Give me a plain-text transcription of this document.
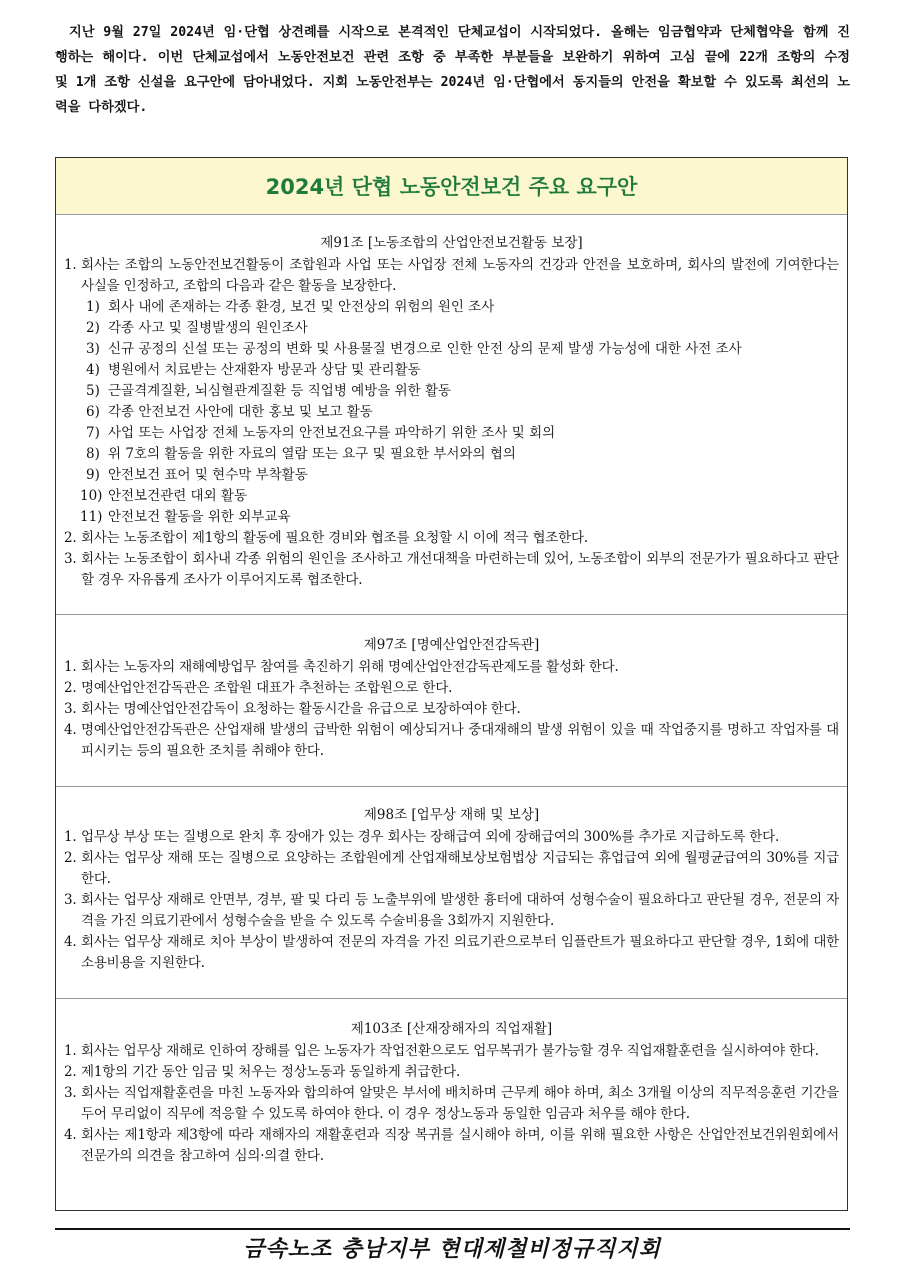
지난 9월 27일 2024년 임·단협 상견례를 시작으로 본격적인 단체교섭이 시작되었다. 올해는 임금협약과 단체협약을 함께 진행하는 해이다. 이번 단체교섭에서 노동안전보건 관련 조항 중 부족한 부분들을 보완하기 위하여 고심 끝에 22개 조항의 수정 및 1개 조항 신설을 요구안에 담아내었다. 지회 노동안전부는 2024년 임·단협에서 동지들의 안전을 확보할 수 있도록 최선의 노력을 다하겠다.

2024년 단협 노동안전보건 주요 요구안

제91조 [노동조합의 산업안전보건활동 보장]

1. 회사는 조합의 노동안전보건활동이 조합원과 사업 또는 사업장 전체 노동자의 건강과 안전을 보호하며, 회사의 발전에 기여한다는 사실을 인정하고, 조합의 다음과 같은 활동을 보장한다.

1) 회사 내에 존재하는 각종 환경, 보건 및 안전상의 위험의 원인 조사

2) 각종 사고 및 질병발생의 원인조사

3) 신규 공정의 신설 또는 공정의 변화 및 사용물질 변경으로 인한 안전 상의 문제 발생 가능성에 대한 사전 조사

4) 병원에서 치료받는 산재환자 방문과 상담 및 관리활동

5) 근골격계질환, 뇌심혈관계질환 등 직업병 예방을 위한 활동

6) 각종 안전보건 사안에 대한 홍보 및 보고 활동

7) 사업 또는 사업장 전체 노동자의 안전보건요구를 파악하기 위한 조사 및 회의

8) 위 7호의 활동을 위한 자료의 열람 또는 요구 및 필요한 부서와의 협의

9) 안전보건 표어 및 현수막 부착활동

10) 안전보건관련 대외 활동

11) 안전보건 활동을 위한 외부교육

2. 회사는 노동조합이 제1항의 활동에 필요한 경비와 협조를 요청할 시 이에 적극 협조한다.

3. 회사는 노동조합이 회사내 각종 위험의 원인을 조사하고 개선대책을 마련하는데 있어, 노동조합이 외부의 전문가가 필요하다고 판단할 경우 자유롭게 조사가 이루어지도록 협조한다.

제97조 [명예산업안전감독관]

1. 회사는 노동자의 재해예방업무 참여를 촉진하기 위해 명예산업안전감독관제도를 활성화 한다.

2. 명예산업안전감독관은 조합원 대표가 추천하는 조합원으로 한다.

3. 회사는 명예산업안전감독이 요청하는 활동시간을 유급으로 보장하여야 한다.

4. 명예산업안전감독관은 산업재해 발생의 급박한 위험이 예상되거나 중대재해의 발생 위험이 있을 때 작업중지를 명하고 작업자를 대피시키는 등의 필요한 조치를 취해야 한다.

제98조 [업무상 재해 및 보상]

1. 업무상 부상 또는 질병으로 완치 후 장애가 있는 경우 회사는 장해급여 외에 장해급여의 300%를 추가로 지급하도록 한다.

2. 회사는 업무상 재해 또는 질병으로 요양하는 조합원에게 산업재해보상보험법상 지급되는 휴업급여 외에 월평균급여의 30%를 지급한다.

3. 회사는 업무상 재해로 안면부, 경부, 팔 및 다리 등 노출부위에 발생한 흉터에 대하여 성형수술이 필요하다고 판단될 경우, 전문의 자격을 가진 의료기관에서 성형수술을 받을 수 있도록 수술비용을 3회까지 지원한다.

4. 회사는 업무상 재해로 치아 부상이 발생하여 전문의 자격을 가진 의료기관으로부터 임플란트가 필요하다고 판단할 경우, 1회에 대한 소용비용을 지원한다.

제103조 [산재장해자의 직업재활]

1. 회사는 업무상 재해로 인하여 장해를 입은 노동자가 작업전환으로도 업무복귀가 불가능할 경우 직업재활훈련을 실시하여야 한다.

2. 제1항의 기간 동안 임금 및 처우는 정상노동과 동일하게 취급한다.

3. 회사는 직업재활훈련을 마친 노동자와 합의하여 알맞은 부서에 배치하며 근무케 해야 하며, 최소 3개월 이상의 직무적응훈련 기간을 두어 무리없이 직무에 적응할 수 있도록 하여야 한다. 이 경우 정상노동과 동일한 임금과 처우를 해야 한다.

4. 회사는 제1항과 제3항에 따라 재해자의 재활훈련과 직장 복귀를 실시해야 하며, 이를 위해 필요한 사항은 산업안전보건위원회에서 전문가의 의견을 참고하여 심의·의결 한다.

금속노조 충남지부 현대제철비정규직지회
